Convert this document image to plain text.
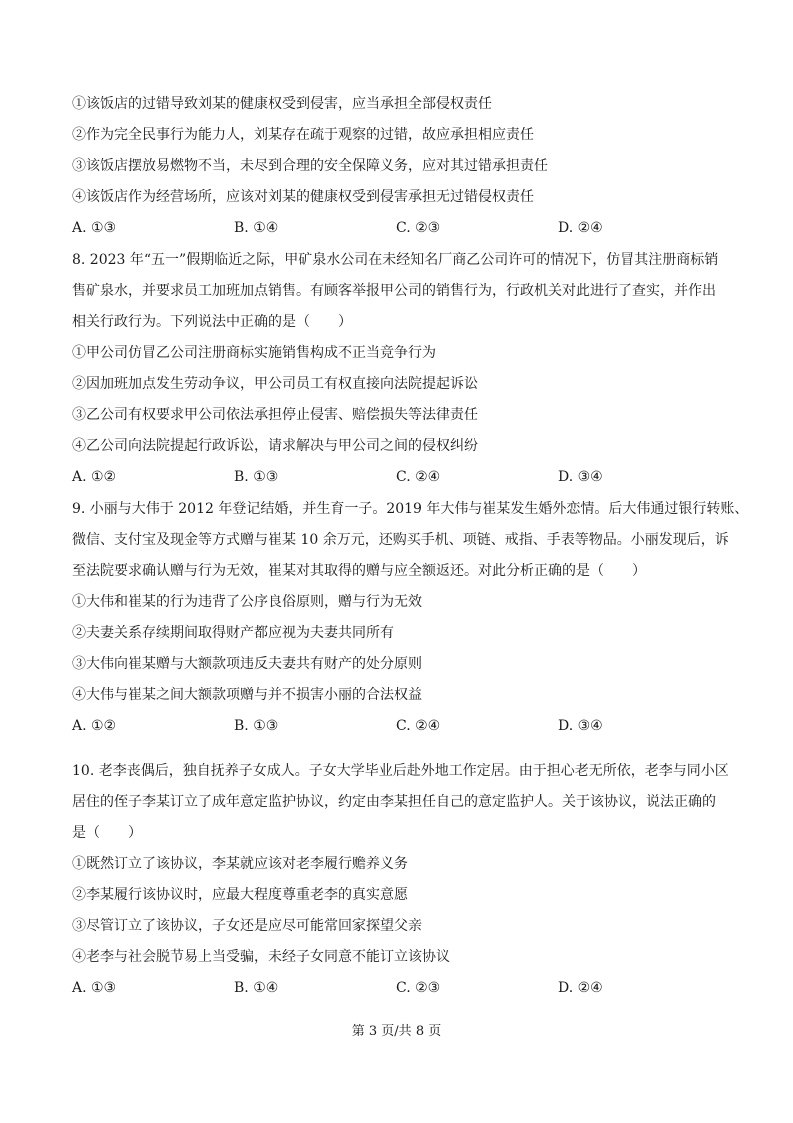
①该饭店的过错导致刘某的健康权受到侵害，应当承担全部侵权责任
②作为完全民事行为能力人，刘某存在疏于观察的过错，故应承担相应责任
③该饭店摆放易燃物不当，未尽到合理的安全保障义务，应对其过错承担责任
④该饭店作为经营场所，应该对刘某的健康权受到侵害承担无过错侵权责任
A. ①③	B. ①④	C. ②③	D. ②④
8. 2023 年“五一”假期临近之际，甲矿泉水公司在未经知名厂商乙公司许可的情况下，仿冒其注册商标销
售矿泉水，并要求员工加班加点销售。有顾客举报甲公司的销售行为，行政机关对此进行了查实，并作出
相关行政行为。下列说法中正确的是（　　）
①甲公司仿冒乙公司注册商标实施销售构成不正当竞争行为
②因加班加点发生劳动争议，甲公司员工有权直接向法院提起诉讼
③乙公司有权要求甲公司依法承担停止侵害、赔偿损失等法律责任
④乙公司向法院提起行政诉讼，请求解决与甲公司之间的侵权纠纷
A. ①②	B. ①③	C. ②④	D. ③④
9. 小丽与大伟于 2012 年登记结婚，并生育一子。2019 年大伟与崔某发生婚外恋情。后大伟通过银行转账、
微信、支付宝及现金等方式赠与崔某 10 余万元，还购买手机、项链、戒指、手表等物品。小丽发现后，诉
至法院要求确认赠与行为无效，崔某对其取得的赠与应全额返还。对此分析正确的是（　　）
①大伟和崔某的行为违背了公序良俗原则，赠与行为无效
②夫妻关系存续期间取得财产都应视为夫妻共同所有
③大伟向崔某赠与大额款项违反夫妻共有财产的处分原则
④大伟与崔某之间大额款项赠与并不损害小丽的合法权益
A. ①②	B. ①③	C. ②④	D. ③④
10. 老李丧偶后，独自抚养子女成人。子女大学毕业后赴外地工作定居。由于担心老无所依，老李与同小区
居住的侄子李某订立了成年意定监护协议，约定由李某担任自己的意定监护人。关于该协议，说法正确的
是（　　）
①既然订立了该协议，李某就应该对老李履行赡养义务
②李某履行该协议时，应最大程度尊重老李的真实意愿
③尽管订立了该协议，子女还是应尽可能常回家探望父亲
④老李与社会脱节易上当受骗，未经子女同意不能订立该协议
A. ①③	B. ①④	C. ②③	D. ②④
第 3 页/共 8 页
